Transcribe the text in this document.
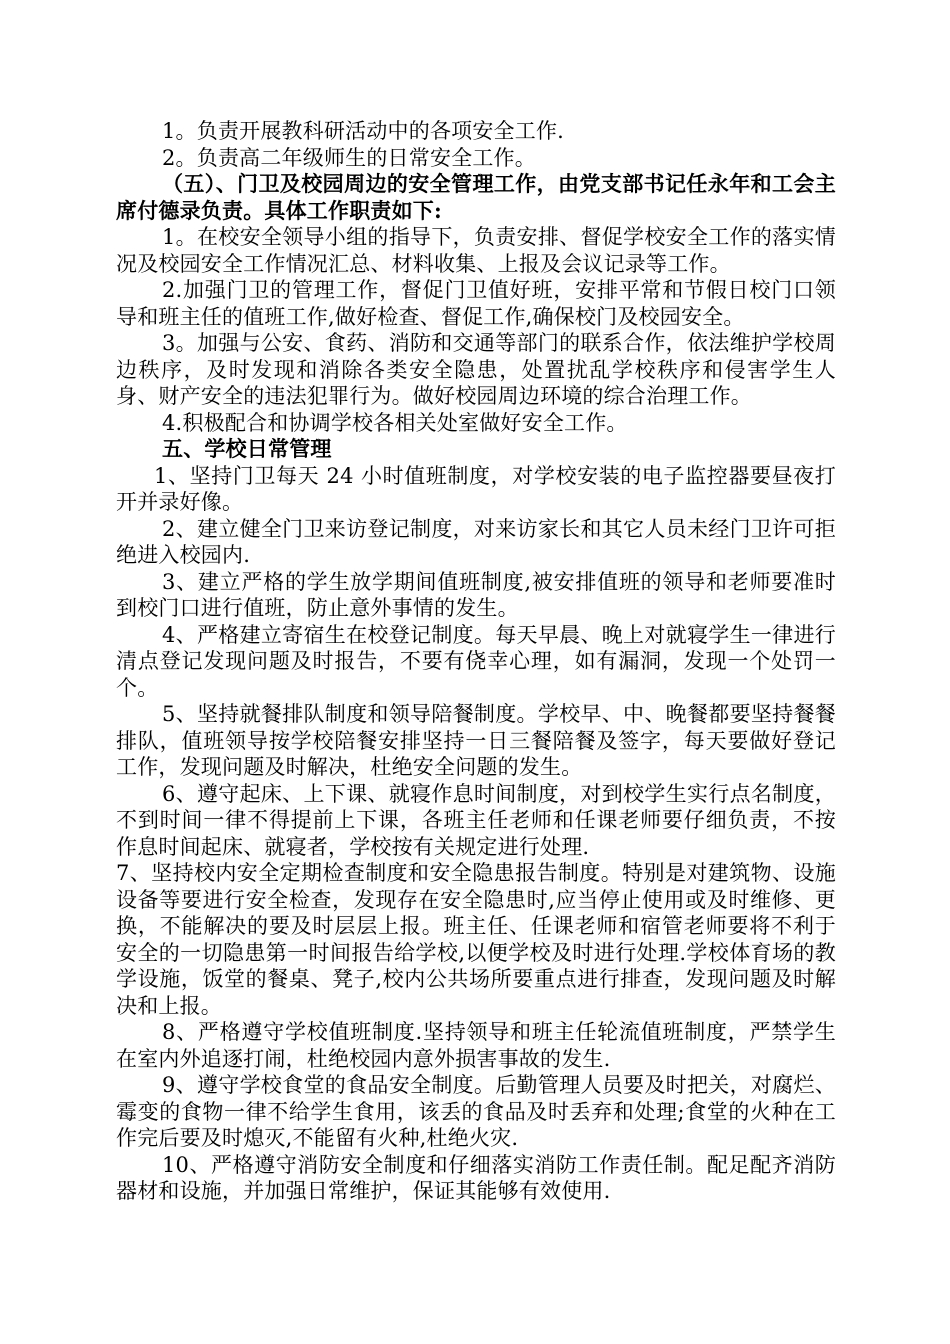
1。负责开展教科研活动中的各项安全工作.

2。负责高二年级师生的日常安全工作。

（五）、门卫及校园周边的安全管理工作，由党支部书记任永年和工会主席付德录负责。具体工作职责如下:

1。在校安全领导小组的指导下，负责安排、督促学校安全工作的落实情况及校园安全工作情况汇总、材料收集、上报及会议记录等工作。

2.加强门卫的管理工作，督促门卫值好班，安排平常和节假日校门口领导和班主任的值班工作,做好检查、督促工作,确保校门及校园安全。

3。加强与公安、食药、消防和交通等部门的联系合作，依法维护学校周边秩序，及时发现和消除各类安全隐患，处置扰乱学校秩序和侵害学生人身、财产安全的违法犯罪行为。做好校园周边环境的综合治理工作。

4.积极配合和协调学校各相关处室做好安全工作。

五、学校日常管理

1、坚持门卫每天 24 小时值班制度，对学校安装的电子监控器要昼夜打开并录好像。

2、建立健全门卫来访登记制度，对来访家长和其它人员未经门卫许可拒绝进入校园内.

3、建立严格的学生放学期间值班制度,被安排值班的领导和老师要准时到校门口进行值班，防止意外事情的发生。

4、严格建立寄宿生在校登记制度。每天早晨、晚上对就寝学生一律进行清点登记发现问题及时报告，不要有侥幸心理，如有漏洞，发现一个处罚一个。

5、坚持就餐排队制度和领导陪餐制度。学校早、中、晚餐都要坚持餐餐排队，值班领导按学校陪餐安排坚持一日三餐陪餐及签字，每天要做好登记工作，发现问题及时解决，杜绝安全问题的发生。

6、遵守起床、上下课、就寝作息时间制度，对到校学生实行点名制度，不到时间一律不得提前上下课，各班主任老师和任课老师要仔细负责，不按作息时间起床、就寝者，学校按有关规定进行处理.

7、坚持校内安全定期检查制度和安全隐患报告制度。特别是对建筑物、设施设备等要进行安全检查，发现存在安全隐患时,应当停止使用或及时维修、更换，不能解决的要及时层层上报。班主任、任课老师和宿管老师要将不利于安全的一切隐患第一时间报告给学校,以便学校及时进行处理.学校体育场的教学设施，饭堂的餐桌、凳子,校内公共场所要重点进行排查，发现问题及时解决和上报。

8、严格遵守学校值班制度.坚持领导和班主任轮流值班制度，严禁学生在室内外追逐打闹，杜绝校园内意外损害事故的发生.

9、遵守学校食堂的食品安全制度。后勤管理人员要及时把关，对腐烂、霉变的食物一律不给学生食用，该丢的食品及时丢弃和处理;食堂的火种在工作完后要及时熄灭,不能留有火种,杜绝火灾.

10、严格遵守消防安全制度和仔细落实消防工作责任制。配足配齐消防器材和设施，并加强日常维护，保证其能够有效使用.
